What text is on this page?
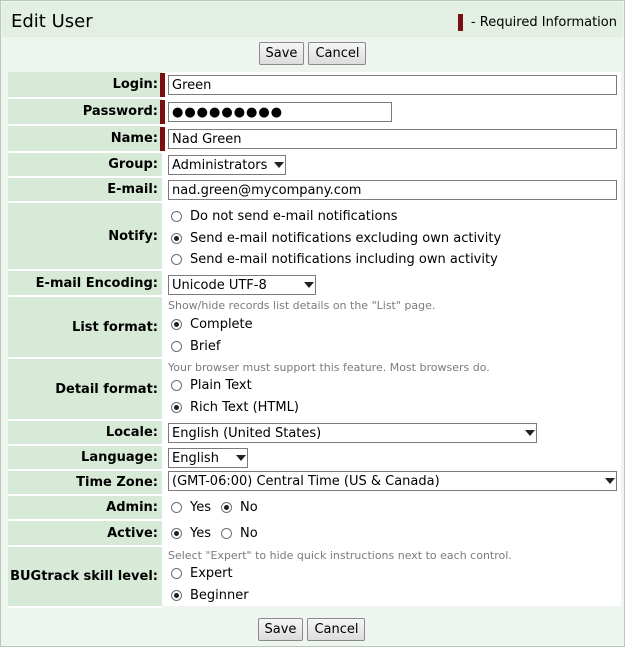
Edit User	- Required Information
Save	Cancel
Login:	Green
Password:	●●●●●●●●●
Name:	Nad Green
Group:	Administrators
E-mail:	nad.green@mycompany.com
Notify:
Do not send e-mail notifications
Send e-mail notifications excluding own activity
Send e-mail notifications including own activity
E-mail Encoding:	Unicode UTF-8
List format:
Show/hide records list details on the "List" page.
Complete
Brief
Detail format:
Your browser must support this feature. Most browsers do.
Plain Text
Rich Text (HTML)
Locale:	English (United States)
Language:	English
Time Zone:	(GMT-06:00) Central Time (US & Canada)
Admin:	Yes No
Active:	Yes No
BUGtrack skill level:
Select "Expert" to hide quick instructions next to each control.
Expert
Beginner
Save	Cancel
